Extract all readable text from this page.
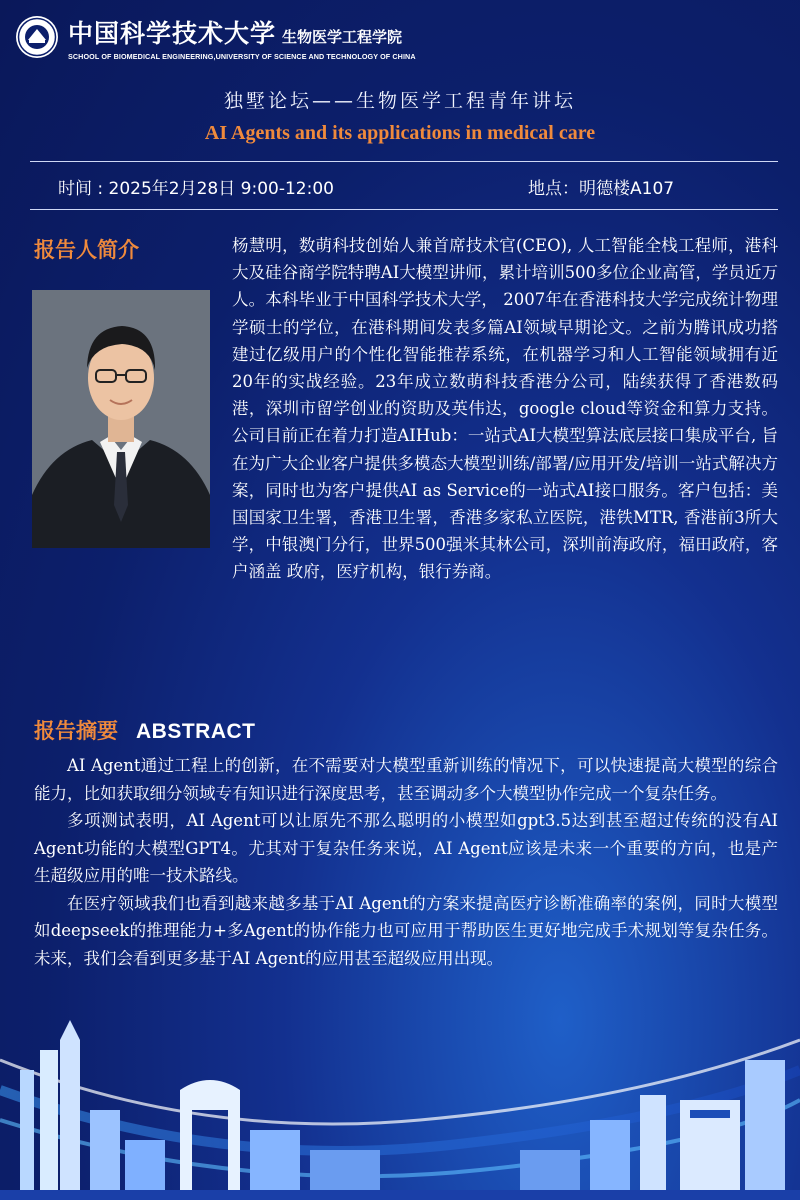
中国科学技术大学 生物医学工程学院
SCHOOL OF BIOMEDICAL ENGINEERING,UNIVERSITY OF SCIENCE AND TECHNOLOGY OF CHINA
独墅论坛——生物医学工程青年讲坛
AI Agents and its applications in medical care
时间 : 2025年2月28日 9:00-12:00	地点：明德楼A107
报告人简介	杨慧明，数萌科技创始人兼首席技术官(CEO), 人工智能全栈工程师，港科大及硅谷商学院特聘AI大模型讲师，累计培训500多位企业高管，学员近万人。本科毕业于中国科学技术大学， 2007年在香港科技大学完成统计物理学硕士的学位，在港科期间发表多篇AI领域早期论文。之前为腾讯成功搭建过亿级用户的个性化智能推荐系统，在机器学习和人工智能领域拥有近20年的实战经验。23年成立数萌科技香港分公司，陆续获得了香港数码港，深圳市留学创业的资助及英伟达，google cloud等资金和算力支持。公司目前正在着力打造AIHub：一站式AI大模型算法底层接口集成平台, 旨在为广大企业客户提供多模态大模型训练/部署/应用开发/培训一站式解决方案，同时也为客户提供AI as Service的一站式AI接口服务。客户包括：美国国家卫生署，香港卫生署，香港多家私立医院，港铁MTR, 香港前3所大学，中银澳门分行，世界500强米其林公司，深圳前海政府，福田政府，客户涵盖 政府，医疗机构，银行券商。
报告摘要 ABSTRACT

AI Agent通过工程上的创新，在不需要对大模型重新训练的情况下，可以快速提高大模型的综合能力，比如获取细分领域专有知识进行深度思考，甚至调动多个大模型协作完成一个复杂任务。

多项测试表明，AI Agent可以让原先不那么聪明的小模型如gpt3.5达到甚至超过传统的没有AI Agent功能的大模型GPT4。尤其对于复杂任务来说，AI Agent应该是未来一个重要的方向，也是产生超级应用的唯一技术路线。

在医疗领域我们也看到越来越多基于AI Agent的方案来提高医疗诊断准确率的案例，同时大模型如deepseek的推理能力+多Agent的协作能力也可应用于帮助医生更好地完成手术规划等复杂任务。未来，我们会看到更多基于AI Agent的应用甚至超级应用出现。
